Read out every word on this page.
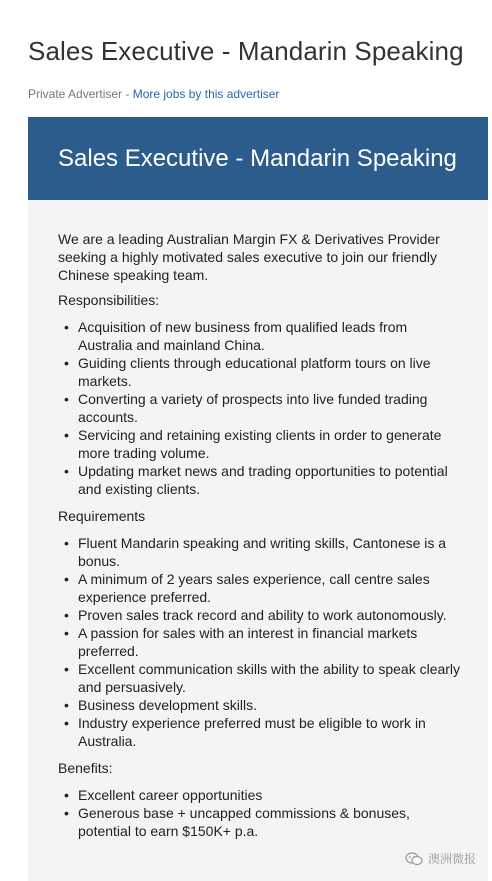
Sales Executive - Mandarin Speaking
Private Advertiser - More jobs by this advertiser
Sales Executive - Mandarin Speaking

We are a leading Australian Margin FX & Derivatives Provider seeking a highly motivated sales executive to join our friendly Chinese speaking team.

Responsibilities:

• Acquisition of new business from qualified leads from Australia and mainland China.
• Guiding clients through educational platform tours on live markets.
• Converting a variety of prospects into live funded trading accounts.
• Servicing and retaining existing clients in order to generate more trading volume.
• Updating market news and trading opportunities to potential and existing clients.

Requirements

• Fluent Mandarin speaking and writing skills, Cantonese is a bonus.
• A minimum of 2 years sales experience, call centre sales experience preferred.
• Proven sales track record and ability to work autonomously.
• A passion for sales with an interest in financial markets preferred.
• Excellent communication skills with the ability to speak clearly and persuasively.
• Business development skills.
• Industry experience preferred must be eligible to work in Australia.

Benefits:

• Excellent career opportunities
• Generous base + uncapped commissions & bonuses, potential to earn $150K+ p.a.
澳洲微报
